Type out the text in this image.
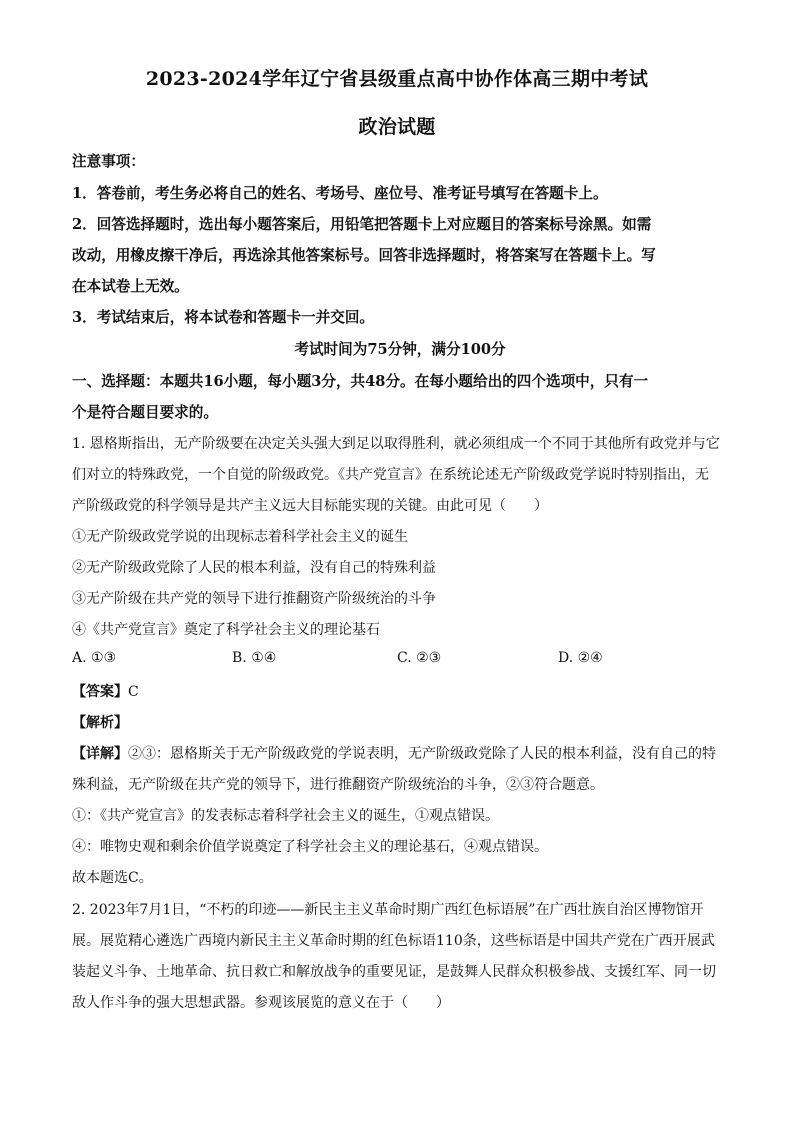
2023-2024学年辽宁省县级重点高中协作体高三期中考试
政治试题
注意事项：
1．答卷前，考生务必将自己的姓名、考场号、座位号、准考证号填写在答题卡上。
2．回答选择题时，选出每小题答案后，用铅笔把答题卡上对应题目的答案标号涂黑。如需
改动，用橡皮擦干净后，再选涂其他答案标号。回答非选择题时，将答案写在答题卡上。写
在本试卷上无效。
3．考试结束后，将本试卷和答题卡一并交回。
考试时间为75分钟，满分100分
一、选择题：本题共16小题，每小题3分，共48分。在每小题给出的四个选项中，只有一
个是符合题目要求的。
1. 恩格斯指出，无产阶级要在决定关头强大到足以取得胜利，就必须组成一个不同于其他所有政党并与它
们对立的特殊政党，一个自觉的阶级政党。《共产党宣言》在系统论述无产阶级政党学说时特别指出，无
产阶级政党的科学领导是共产主义远大目标能实现的关键。由此可见（　　）
①无产阶级政党学说的出现标志着科学社会主义的诞生
②无产阶级政党除了人民的根本利益，没有自己的特殊利益
③无产阶级在共产党的领导下进行推翻资产阶级统治的斗争
④《共产党宣言》奠定了科学社会主义的理论基石
A. ①③	B. ①④	C. ②③	D. ②④
【答案】C
【解析】
【详解】②③：恩格斯关于无产阶级政党的学说表明，无产阶级政党除了人民的根本利益，没有自己的特
殊利益，无产阶级在共产党的领导下，进行推翻资产阶级统治的斗争，②③符合题意。
①：《共产党宣言》的发表标志着科学社会主义的诞生，①观点错误。
④：唯物史观和剩余价值学说奠定了科学社会主义的理论基石，④观点错误。
故本题选C。
2. 2023年7月1日，“不朽的印迹——新民主主义革命时期广西红色标语展”在广西壮族自治区博物馆开
展。展览精心遴选广西境内新民主主义革命时期的红色标语110条，这些标语是中国共产党在广西开展武
装起义斗争、土地革命、抗日救亡和解放战争的重要见证，是鼓舞人民群众积极参战、支援红军、同一切
敌人作斗争的强大思想武器。参观该展览的意义在于（　　）
